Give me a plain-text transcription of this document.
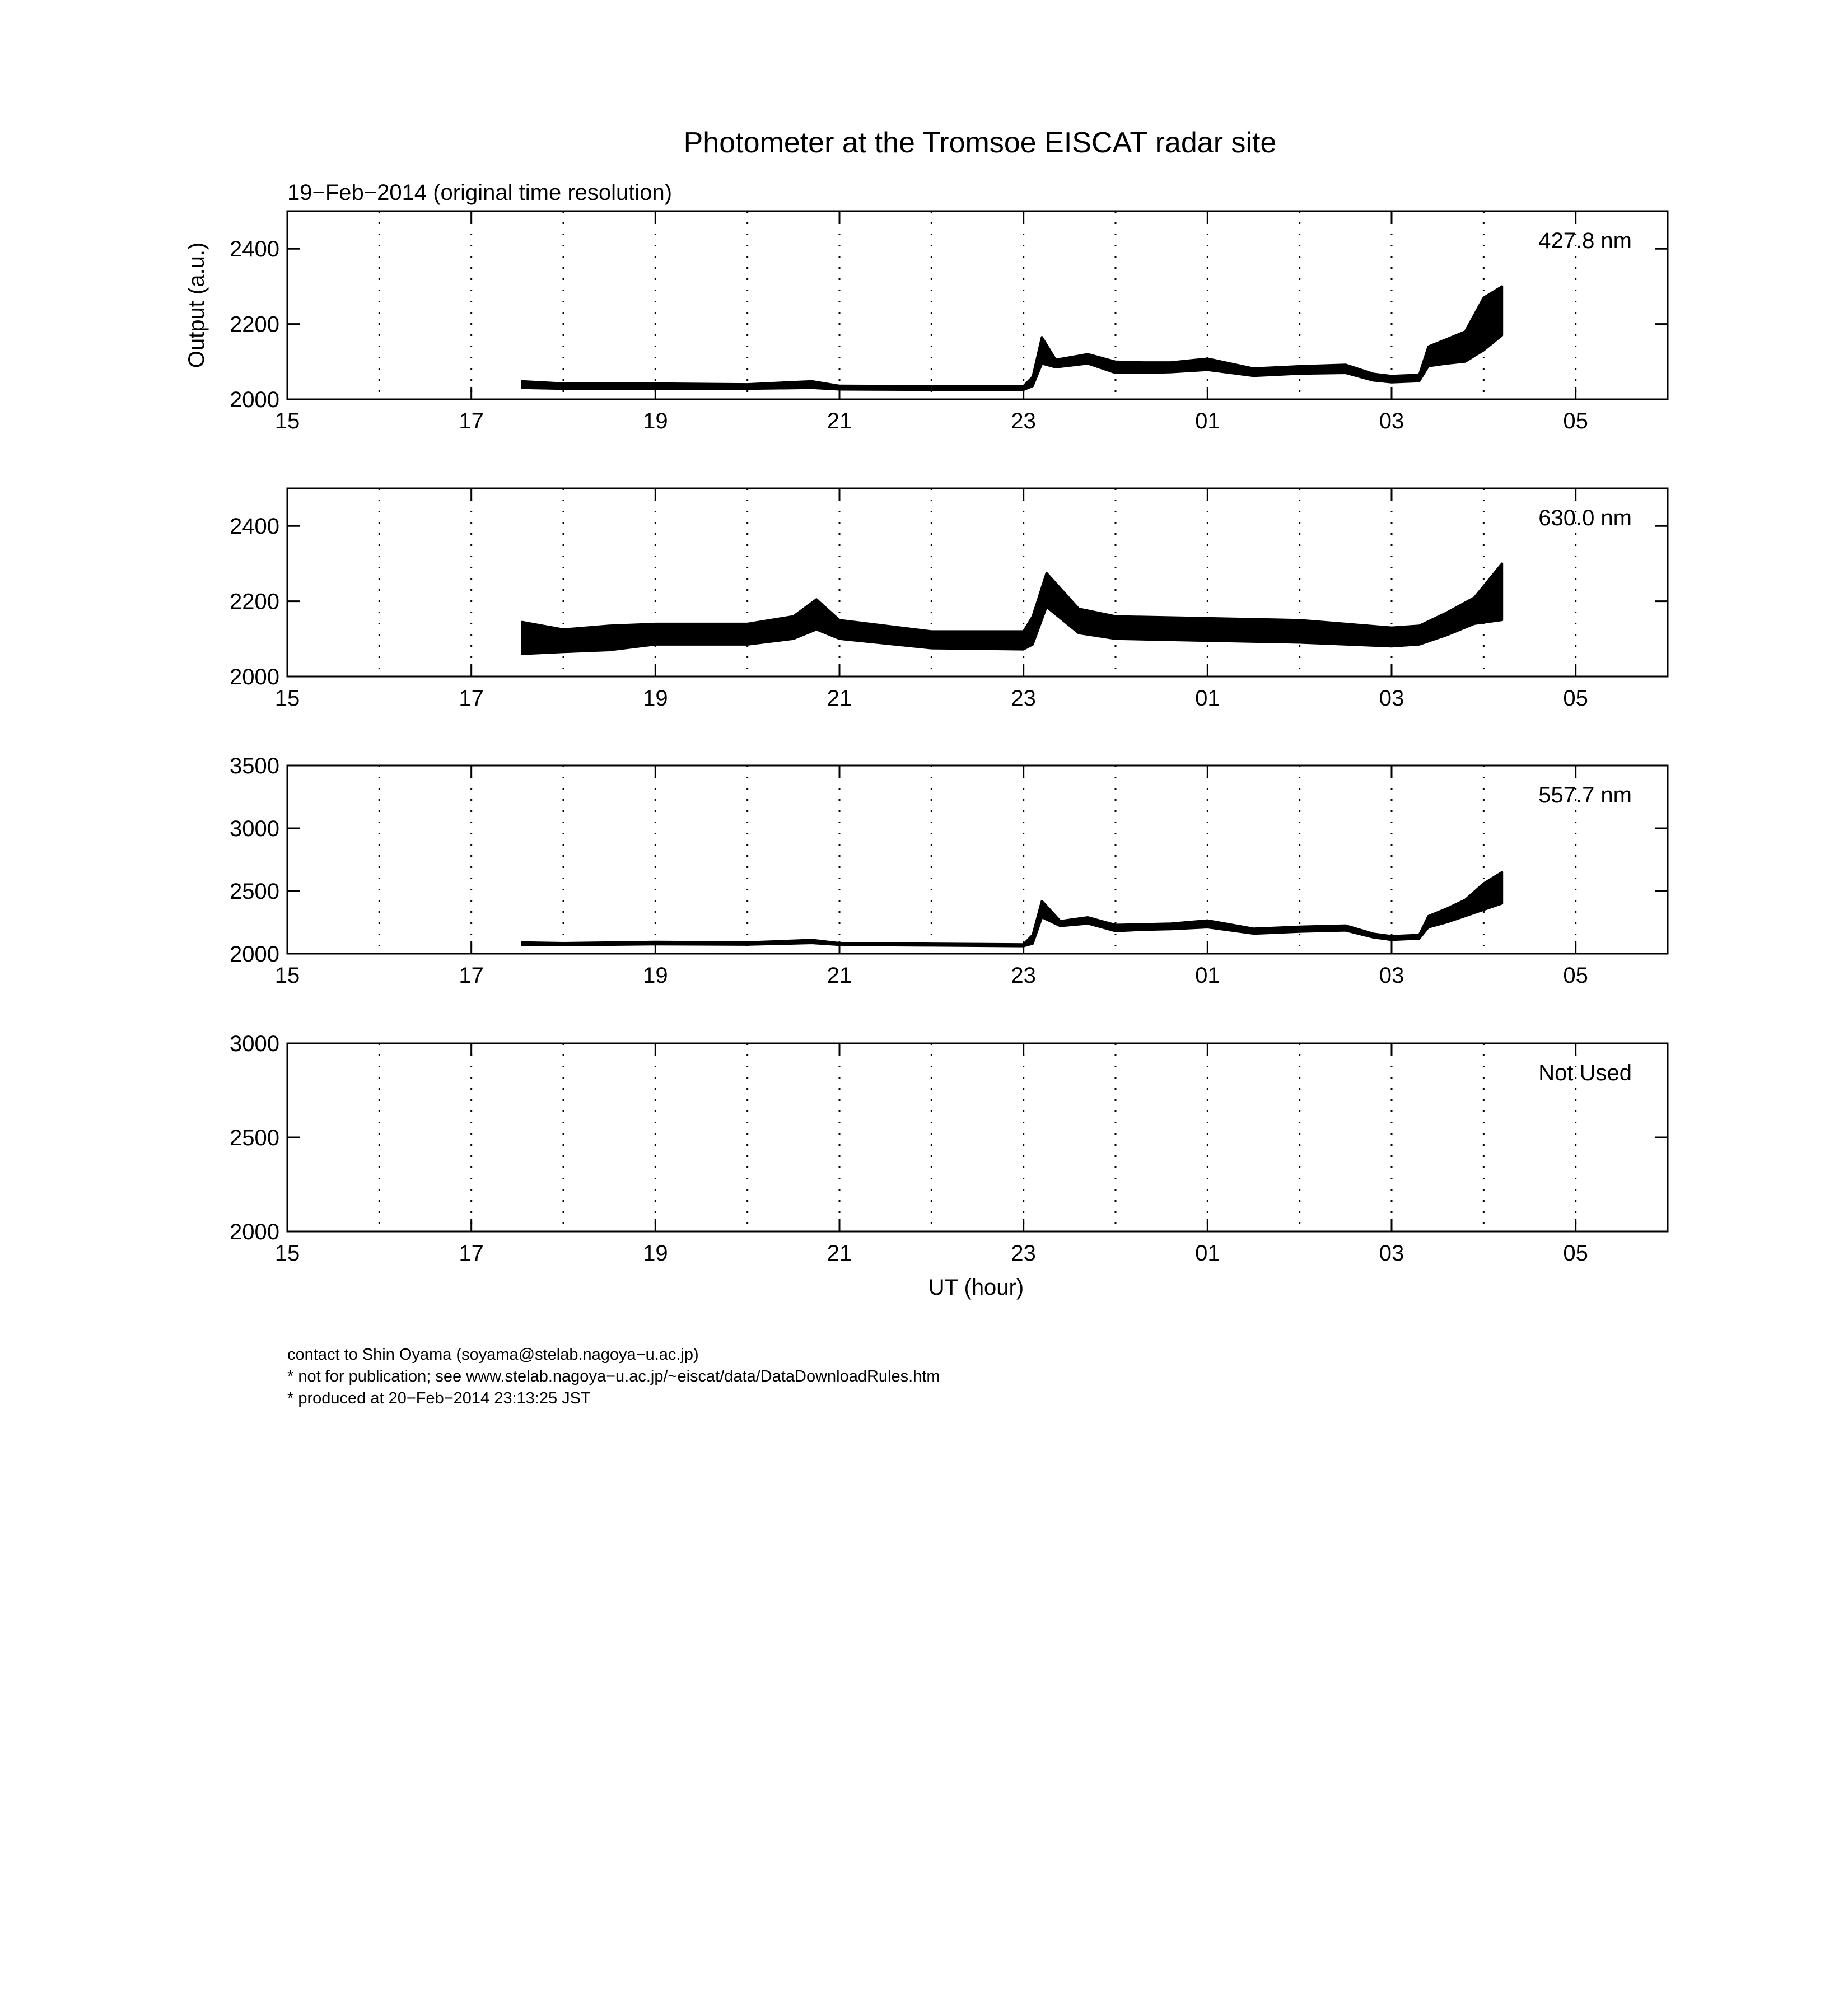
Photometer at the Tromsoe EISCAT radar site
19−Feb−2014 (original time resolution)
Output (a.u.)
UT (hour)
15	17	19	21	23	01	03	05
2000
2200
2400	427.8 nm
15	17	19	21	23	01	03	05
2000
2200
2400	630.0 nm
15	17	19	21	23	01	03	05
2000
2500
3000
3500
557.7 nm
15	17	19	21	23	01	03	05
2000
2500
3000
Not Used
contact to Shin Oyama (soyama@stelab.nagoya−u.ac.jp)
* not for publication; see www.stelab.nagoya−u.ac.jp/~eiscat/data/DataDownloadRules.htm
* produced at 20−Feb−2014 23:13:25 JST
